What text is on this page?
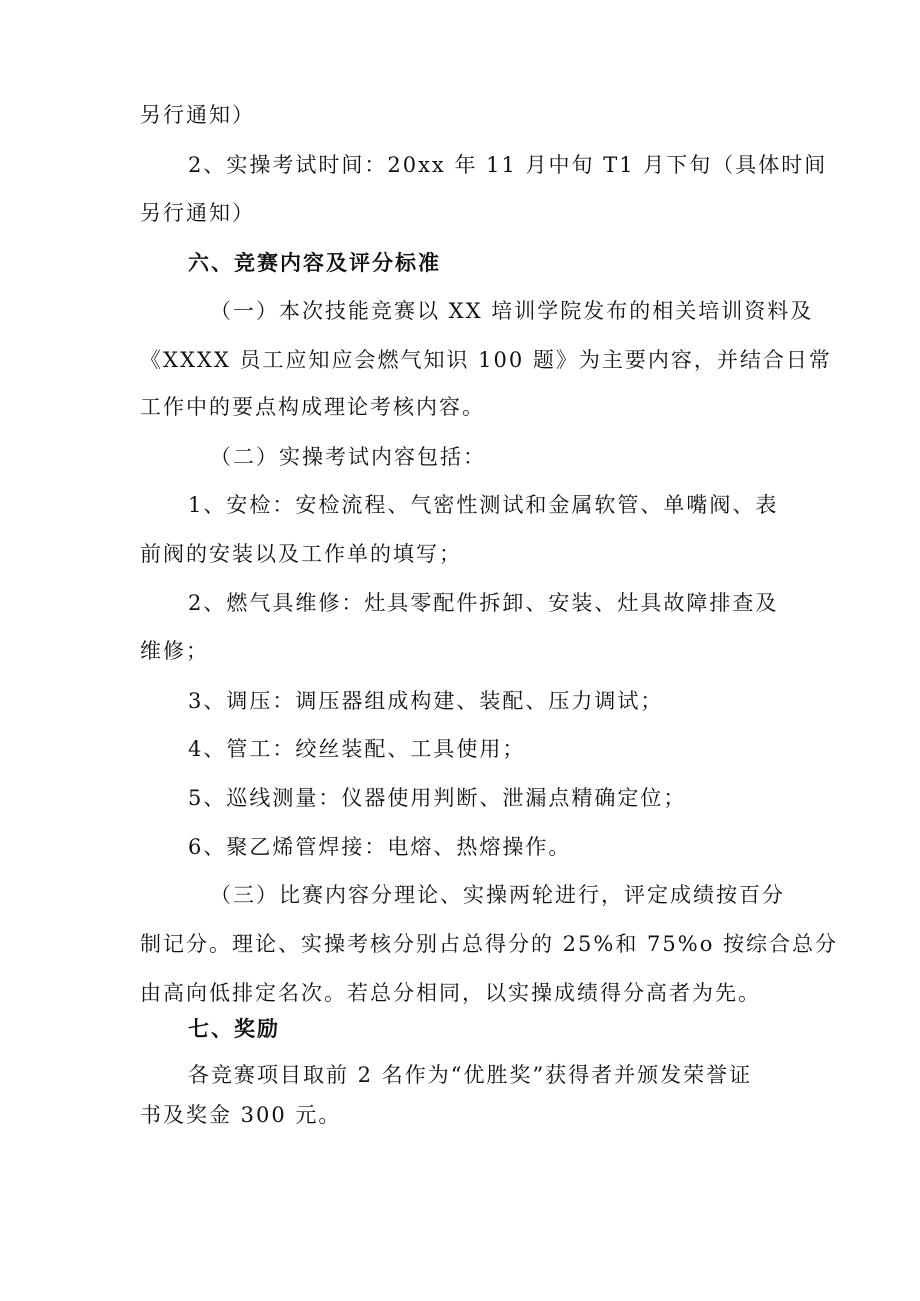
另行通知）
2、实操考试时间：20xx 年 11 月中旬 T1 月下旬（具体时间
另行通知）
六、竞赛内容及评分标准
（一）本次技能竞赛以 XX 培训学院发布的相关培训资料及
《XXXX 员工应知应会燃气知识 100 题》为主要内容，并结合日常
工作中的要点构成理论考核内容。
（二）实操考试内容包括：
1、安检：安检流程、气密性测试和金属软管、单嘴阀、表
前阀的安装以及工作单的填写；
2、燃气具维修：灶具零配件拆卸、安装、灶具故障排查及
维修；
3、调压：调压器组成构建、装配、压力调试；
4、管工：绞丝装配、工具使用；
5、巡线测量：仪器使用判断、泄漏点精确定位；
6、聚乙烯管焊接：电熔、热熔操作。
（三）比赛内容分理论、实操两轮进行，评定成绩按百分
制记分。理论、实操考核分别占总得分的 25%和 75%o 按综合总分
由高向低排定名次。若总分相同，以实操成绩得分高者为先。
七、奖励
各竞赛项目取前 2 名作为“优胜奖”获得者并颁发荣誉证
书及奖金 300 元。
